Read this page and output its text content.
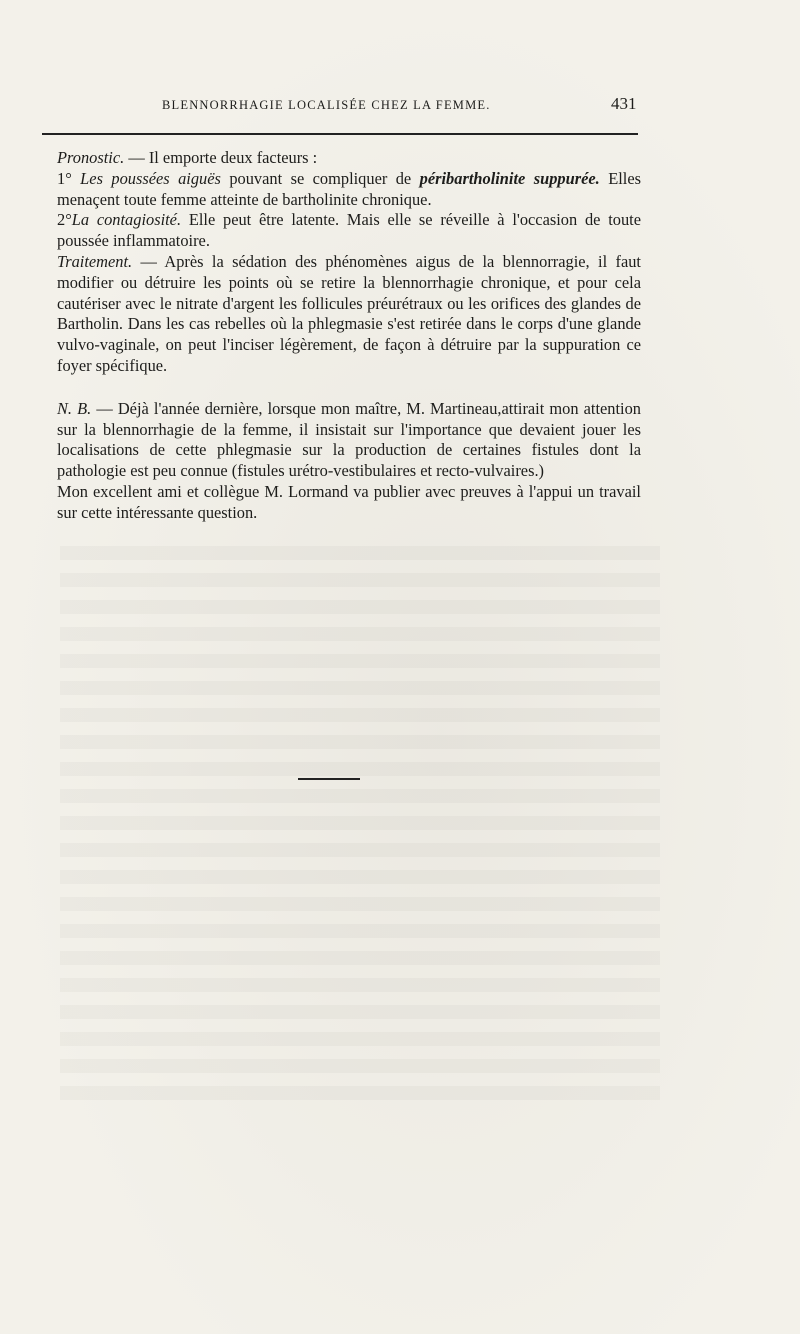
BLENNORRHAGIE LOCALISÉE CHEZ LA FEMME.	431

Pronostic. — Il emporte deux facteurs :

1° Les poussées aiguës pouvant se compliquer de péribartholinite suppurée. Elles menaçent toute femme atteinte de bartholinite chronique.

2°La contagiosité. Elle peut être latente. Mais elle se réveille à l'occasion de toute poussée inflammatoire.

Traitement. — Après la sédation des phénomènes aigus de la blennorragie, il faut modifier ou détruire les points où se retire la blennorrhagie chronique, et pour cela cautériser avec le nitrate d'argent les follicules préurétraux ou les orifices des glandes de Bartholin. Dans les cas rebelles où la phlegmasie s'est retirée dans le corps d'une glande vulvo-vaginale, on peut l'inciser légèrement, de façon à détruire par la suppuration ce foyer spécifique.

N. B. — Déjà l'année dernière, lorsque mon maître, M. Martineau,attirait mon attention sur la blennorrhagie de la femme, il insistait sur l'importance que devaient jouer les localisations de cette phlegmasie sur la production de certaines fistules dont la pathologie est peu connue (fistules urétro-vestibulaires et recto-vulvaires.)

Mon excellent ami et collègue M. Lormand va publier avec preuves à l'appui un travail sur cette intéressante question.
